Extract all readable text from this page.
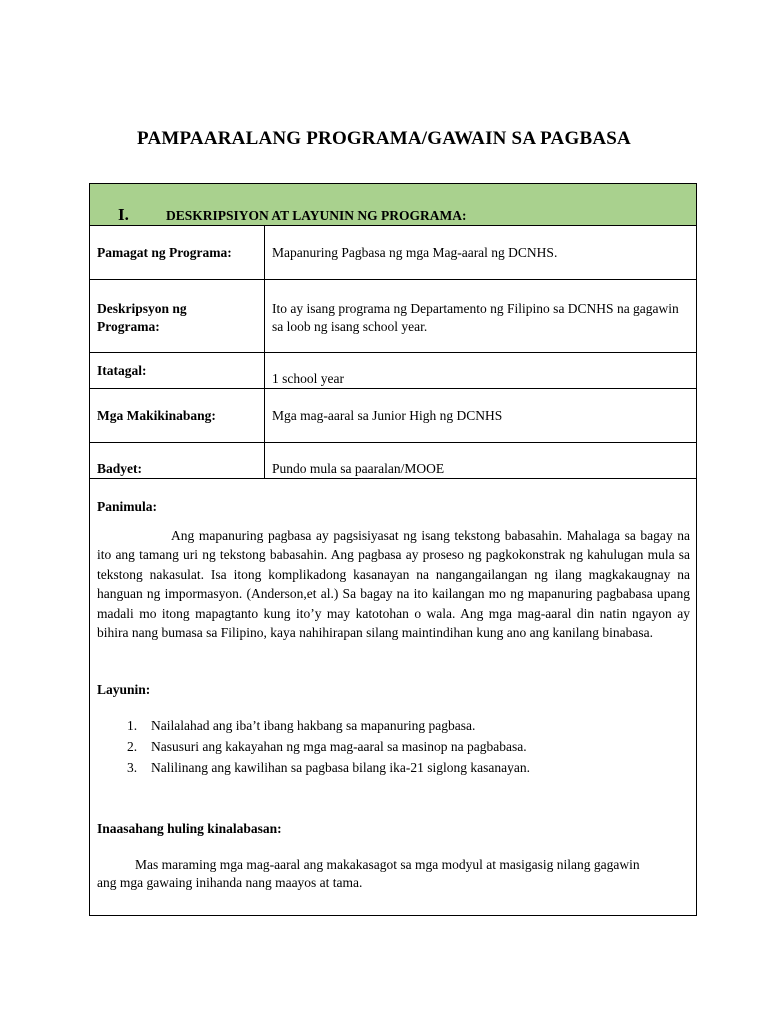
PAMPAARALANG PROGRAMA/GAWAIN SA PAGBASA
I.	DESKRIPSIYON AT LAYUNIN NG PROGRAMA:
Pamagat ng Programa:	Mapanuring Pagbasa ng mga Mag-aaral ng DCNHS.
Deskripsyon ng Programa:
Ito ay isang programa ng Departamento ng Filipino sa DCNHS na gagawin sa loob ng isang school year.
Itatagal:
1 school year
Mga Makikinabang:	Mga mag-aaral sa Junior High ng DCNHS
Badyet:	Pundo mula sa paaralan/MOOE
Panimula:
Ang mapanuring pagbasa ay pagsisiyasat ng isang tekstong babasahin. Mahalaga sa bagay na ito ang tamang uri ng tekstong babasahin. Ang pagbasa ay proseso ng pagkokonstrak ng kahulugan mula sa tekstong nakasulat. Isa itong komplikadong kasanayan na nangangailangan ng ilang magkakaugnay na hanguan ng impormasyon. (Anderson,et al.) Sa bagay na ito kailangan mo ng mapanuring pagbabasa upang madali mo itong mapagtanto kung ito’y may katotohan o wala. Ang mga mag-aaral din natin ngayon ay bihira nang bumasa sa Filipino, kaya nahihirapan silang maintindihan kung ano ang kanilang binabasa.
Layunin:
1. Nailalahad ang iba’t ibang hakbang sa mapanuring pagbasa.
2. Nasusuri ang kakayahan ng mga mag-aaral sa masinop na pagbabasa.
3. Nalilinang ang kawilihan sa pagbasa bilang ika-21 siglong kasanayan.
Inaasahang huling kinalabasan:
Mas maraming mga mag-aaral ang makakasagot sa mga modyul at masigasig nilang gagawin ang mga gawaing inihanda nang maayos at tama.
